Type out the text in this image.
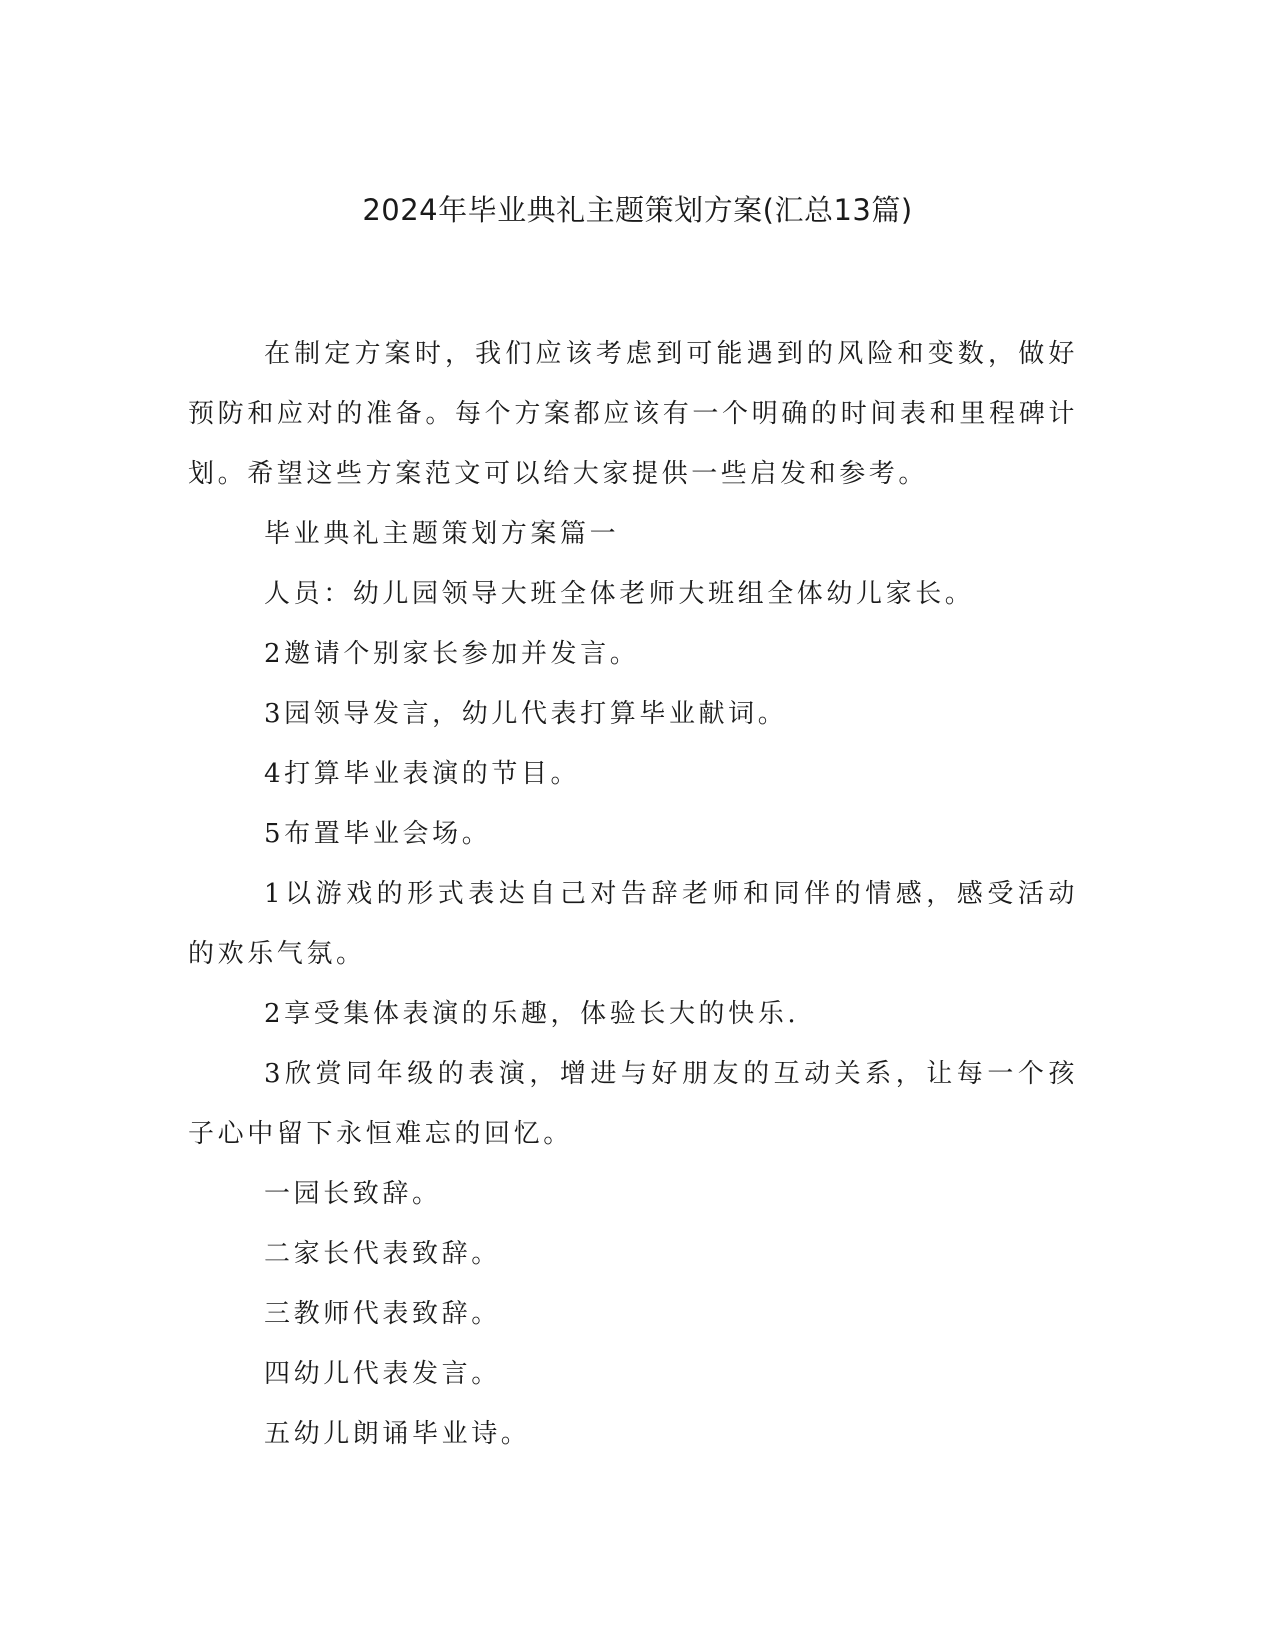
2024年毕业典礼主题策划方案(汇总13篇)

在制定方案时，我们应该考虑到可能遇到的风险和变数，做好预防和应对的准备。每个方案都应该有一个明确的时间表和里程碑计划。希望这些方案范文可以给大家提供一些启发和参考。

毕业典礼主题策划方案篇一

人员：幼儿园领导大班全体老师大班组全体幼儿家长。

2邀请个别家长参加并发言。

3园领导发言，幼儿代表打算毕业献词。

4打算毕业表演的节目。

5布置毕业会场。

1以游戏的形式表达自己对告辞老师和同伴的情感，感受活动的欢乐气氛。

2享受集体表演的乐趣，体验长大的快乐.

3欣赏同年级的表演，增进与好朋友的互动关系，让每一个孩子心中留下永恒难忘的回忆。

一园长致辞。

二家长代表致辞。

三教师代表致辞。

四幼儿代表发言。

五幼儿朗诵毕业诗。
